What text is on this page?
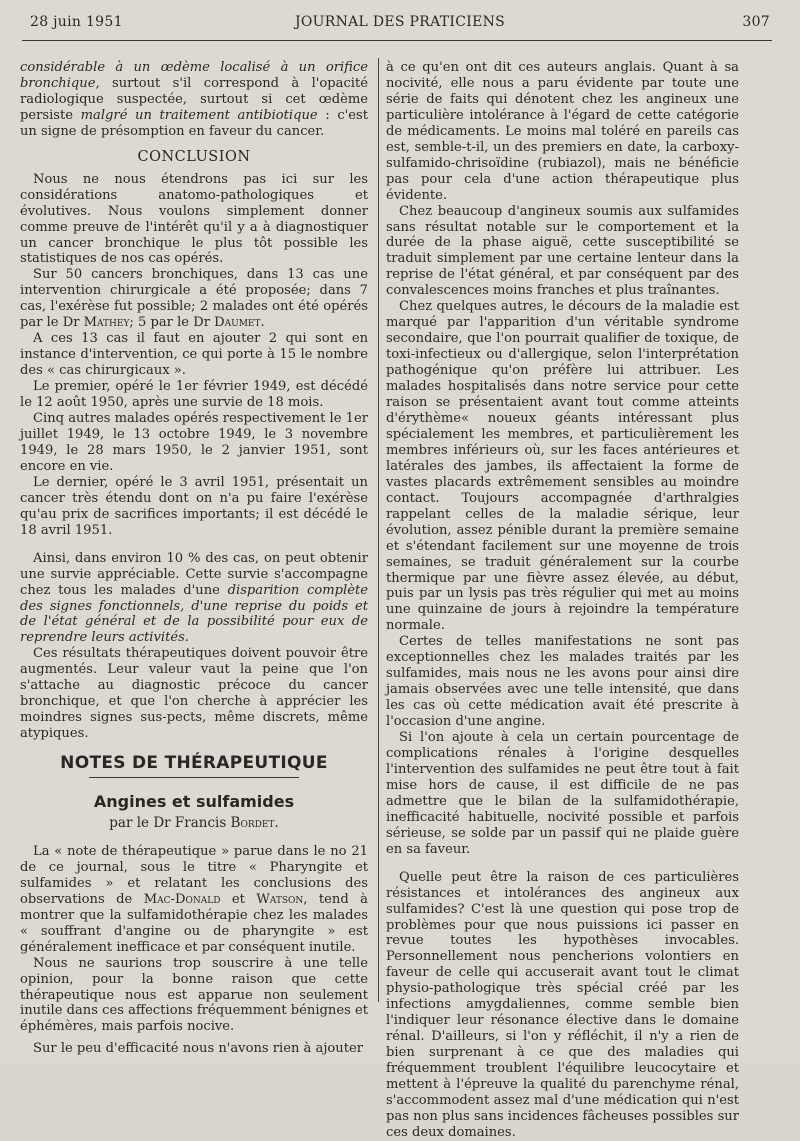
28 juin 1951	JOURNAL DES PRATICIENS	307

considérable à un œdème localisé à un orifice bronchique, surtout s'il correspond à l'opacité radiologique suspectée, surtout si cet œdème persiste malgré un traitement antibiotique : c'est un signe de présomption en faveur du cancer.

CONCLUSION

Nous ne nous étendrons pas ici sur les considérations anatomo-pathologiques et évolutives. Nous voulons simplement donner comme preuve de l'intérêt qu'il y a à diagnostiquer un cancer bronchique le plus tôt possible les statistiques de nos cas opérés.

Sur 50 cancers bronchiques, dans 13 cas une intervention chirurgicale a été proposée; dans 7 cas, l'exérèse fut possible; 2 malades ont été opérés par le Dr Mathey; 5 par le Dr Daumet.

A ces 13 cas il faut en ajouter 2 qui sont en instance d'intervention, ce qui porte à 15 le nombre des « cas chirurgicaux ».

Le premier, opéré le 1er février 1949, est décédé le 12 août 1950, après une survie de 18 mois.

Cinq autres malades opérés respectivement le 1er juillet 1949, le 13 octobre 1949, le 3 novembre 1949, le 28 mars 1950, le 2 janvier 1951, sont encore en vie.

Le dernier, opéré le 3 avril 1951, présentait un cancer très étendu dont on n'a pu faire l'exérèse qu'au prix de sacrifices importants; il est décédé le 18 avril 1951.

Ainsi, dans environ 10 % des cas, on peut obtenir une survie appréciable. Cette survie s'accompagne chez tous les malades d'une disparition complète des signes fonctionnels, d'une reprise du poids et de l'état général et de la possibilité pour eux de reprendre leurs activités.

Ces résultats thérapeutiques doivent pouvoir être augmentés. Leur valeur vaut la peine que l'on s'attache au diagnostic précoce du cancer bronchique, et que l'on cherche à apprécier les moindres signes sus-pects, même discrets, même atypiques.

NOTES DE THÉRAPEUTIQUE
Angines et sulfamides
par le Dr Francis Bordet.

La « note de thérapeutique » parue dans le no 21 de ce journal, sous le titre « Pharyngite et sulfamides » et relatant les conclusions des observations de Mac-Donald et Watson, tend à montrer que la sulfamidothérapie chez les malades « souffrant d'angine ou de pharyngite » est généralement inefficace et par conséquent inutile.

Nous ne saurions trop souscrire à une telle opinion, pour la bonne raison que cette thérapeutique nous est apparue non seulement inutile dans ces affections fréquemment bénignes et éphémères, mais parfois nocive.

Sur le peu d'efficacité nous n'avons rien à ajouter

à ce qu'en ont dit ces auteurs anglais. Quant à sa nocivité, elle nous a paru évidente par toute une série de faits qui dénotent chez les angineux une particulière intolérance à l'égard de cette catégorie de médicaments. Le moins mal toléré en pareils cas est, semble-t-il, un des premiers en date, la carboxy-sulfamido-chrisoïdine (rubiazol), mais ne bénéficie pas pour cela d'une action thérapeutique plus évidente.

Chez beaucoup d'angineux soumis aux sulfamides sans résultat notable sur le comportement et la durée de la phase aiguë, cette susceptibilité se traduit simplement par une certaine lenteur dans la reprise de l'état général, et par conséquent par des convalescences moins franches et plus traînantes.

Chez quelques autres, le décours de la maladie est marqué par l'apparition d'un véritable syndrome secondaire, que l'on pourrait qualifier de toxique, de toxi-infectieux ou d'allergique, selon l'interprétation pathogénique qu'on préfère lui attribuer. Les malades hospitalisés dans notre service pour cette raison se présentaient avant tout comme atteints d'érythème« noueux géants intéressant plus spécialement les membres, et particulièrement les membres inférieurs où, sur les faces antérieures et latérales des jambes, ils affectaient la forme de vastes placards extrêmement sensibles au moindre contact. Toujours accompagnée d'arthralgies rappelant celles de la maladie sérique, leur évolution, assez pénible durant la première semaine et s'étendant facilement sur une moyenne de trois semaines, se traduit généralement sur la courbe thermique par une fièvre assez élevée, au début, puis par un lysis pas très régulier qui met au moins une quinzaine de jours à rejoindre la température normale.

Certes de telles manifestations ne sont pas exceptionnelles chez les malades traités par les sulfamides, mais nous ne les avons pour ainsi dire jamais observées avec une telle intensité, que dans les cas où cette médication avait été prescrite à l'occasion d'une angine.

Si l'on ajoute à cela un certain pourcentage de complications rénales à l'origine desquelles l'intervention des sulfamides ne peut être tout à fait mise hors de cause, il est difficile de ne pas admettre que le bilan de la sulfamidothérapie, inefficacité habituelle, nocivité possible et parfois sérieuse, se solde par un passif qui ne plaide guère en sa faveur.

Quelle peut être la raison de ces particulières résistances et intolérances des angineux aux sulfamides? C'est là une question qui pose trop de problèmes pour que nous puissions ici passer en revue toutes les hypothèses invocables. Personnellement nous pencherions volontiers en faveur de celle qui accuserait avant tout le climat physio-pathologique très spécial créé par les infections amygdaliennes, comme semble bien l'indiquer leur résonance élective dans le domaine rénal. D'ailleurs, si l'on y réfléchit, il n'y a rien de bien surprenant à ce que des maladies qui fréquemment troublent l'équilibre leucocytaire et mettent à l'épreuve la qualité du parenchyme rénal, s'accommodent assez mal d'une médication qui n'est pas non plus sans incidences fâcheuses possibles sur ces deux domaines.
